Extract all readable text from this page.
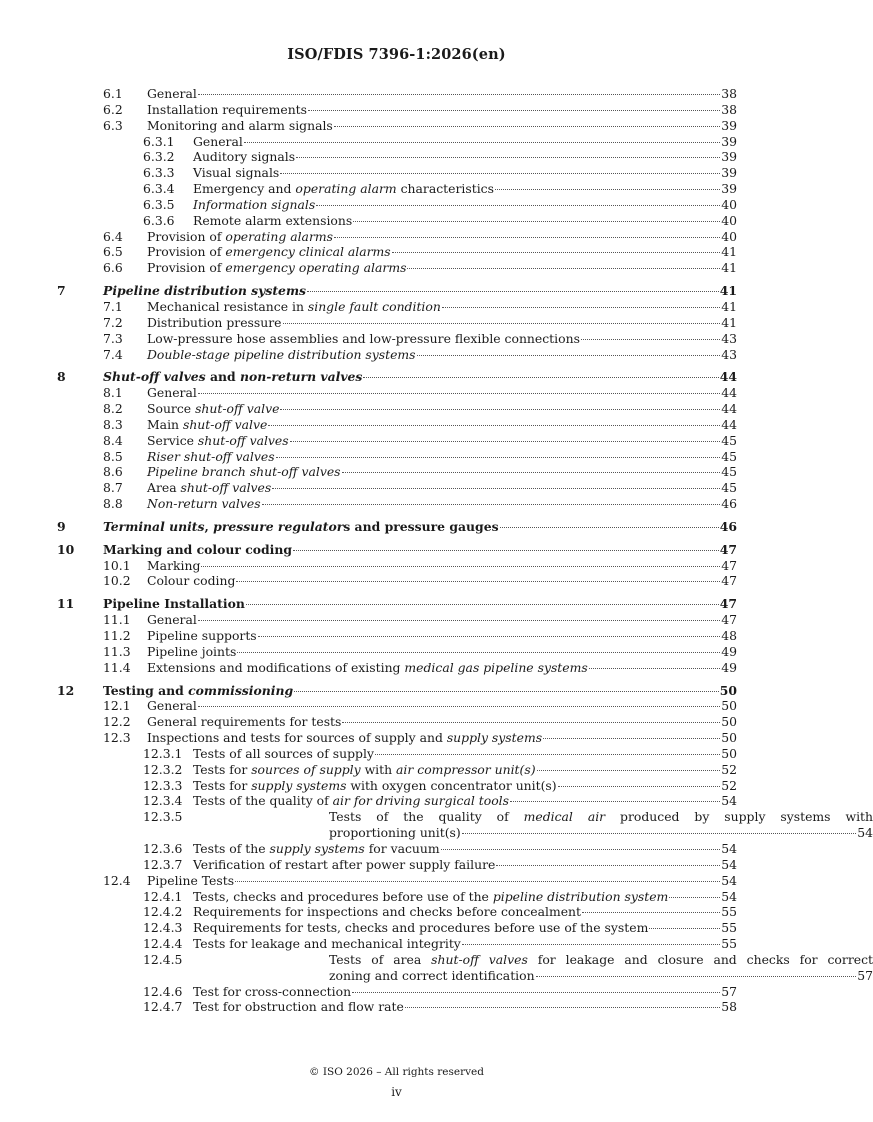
ISO/FDIS 7396-1:2026(en)
6.1 General	38
6.2 Installation requirements	38
6.3 Monitoring and alarm signals	39
6.3.1 General	39
6.3.2 Auditory signals	39
6.3.3 Visual signals	39
6.3.4 Emergency and operating alarm characteristics	39
6.3.5 Information signals	40
6.3.6 Remote alarm extensions	40
6.4 Provision of operating alarms	40
6.5 Provision of emergency clinical alarms	41
6.6 Provision of emergency operating alarms	41
7	Pipeline distribution systems	41
7.1 Mechanical resistance in single fault condition	41
7.2 Distribution pressure	41
7.3 Low-pressure hose assemblies and low-pressure flexible connections	43
7.4 Double-stage pipeline distribution systems	43
8	Shut-off valves and non-return valves	44
8.1 General	44
8.2 Source shut-off valve	44
8.3 Main shut-off valve	44
8.4 Service shut-off valves	45
8.5 Riser shut-off valves	45
8.6 Pipeline branch shut-off valves	45
8.7 Area shut-off valves	45
8.8 Non-return valves	46
9	Terminal units, pressure regulators and pressure gauges	46
10 Marking and colour coding	47
10.1 Marking	47
10.2 Colour coding	47
11 Pipeline Installation	47
11.1 General	47
11.2 Pipeline supports	48
11.3 Pipeline joints	49
11.4 Extensions and modifications of existing medical gas pipeline systems	49
12 Testing and commissioning	50
12.1 General	50
12.2 General requirements for tests	50
12.3 Inspections and tests for sources of supply and supply systems	50
12.3.1 Tests of all sources of supply	50
12.3.2 Tests for sources of supply with air compressor unit(s)	52
12.3.3 Tests for supply systems with oxygen concentrator unit(s)	52
12.3.4 Tests of the quality of air for driving surgical tools	54
12.3.5	Tests of the quality of medical air produced by supply systems with
proportioning unit(s)	54
12.3.6 Tests of the supply systems for vacuum	54
12.3.7 Verification of restart after power supply failure	54
12.4 Pipeline Tests	54
12.4.1 Tests, checks and procedures before use of the pipeline distribution system	54
12.4.2 Requirements for inspections and checks before concealment	55
12.4.3 Requirements for tests, checks and procedures before use of the system	55
12.4.4 Tests for leakage and mechanical integrity	55
12.4.5	Tests of area shut-off valves for leakage and closure and checks for correct
zoning and correct identification	57
12.4.6 Test for cross-connection	57
12.4.7 Test for obstruction and flow rate	58
© ISO 2026 – All rights reserved
iv
